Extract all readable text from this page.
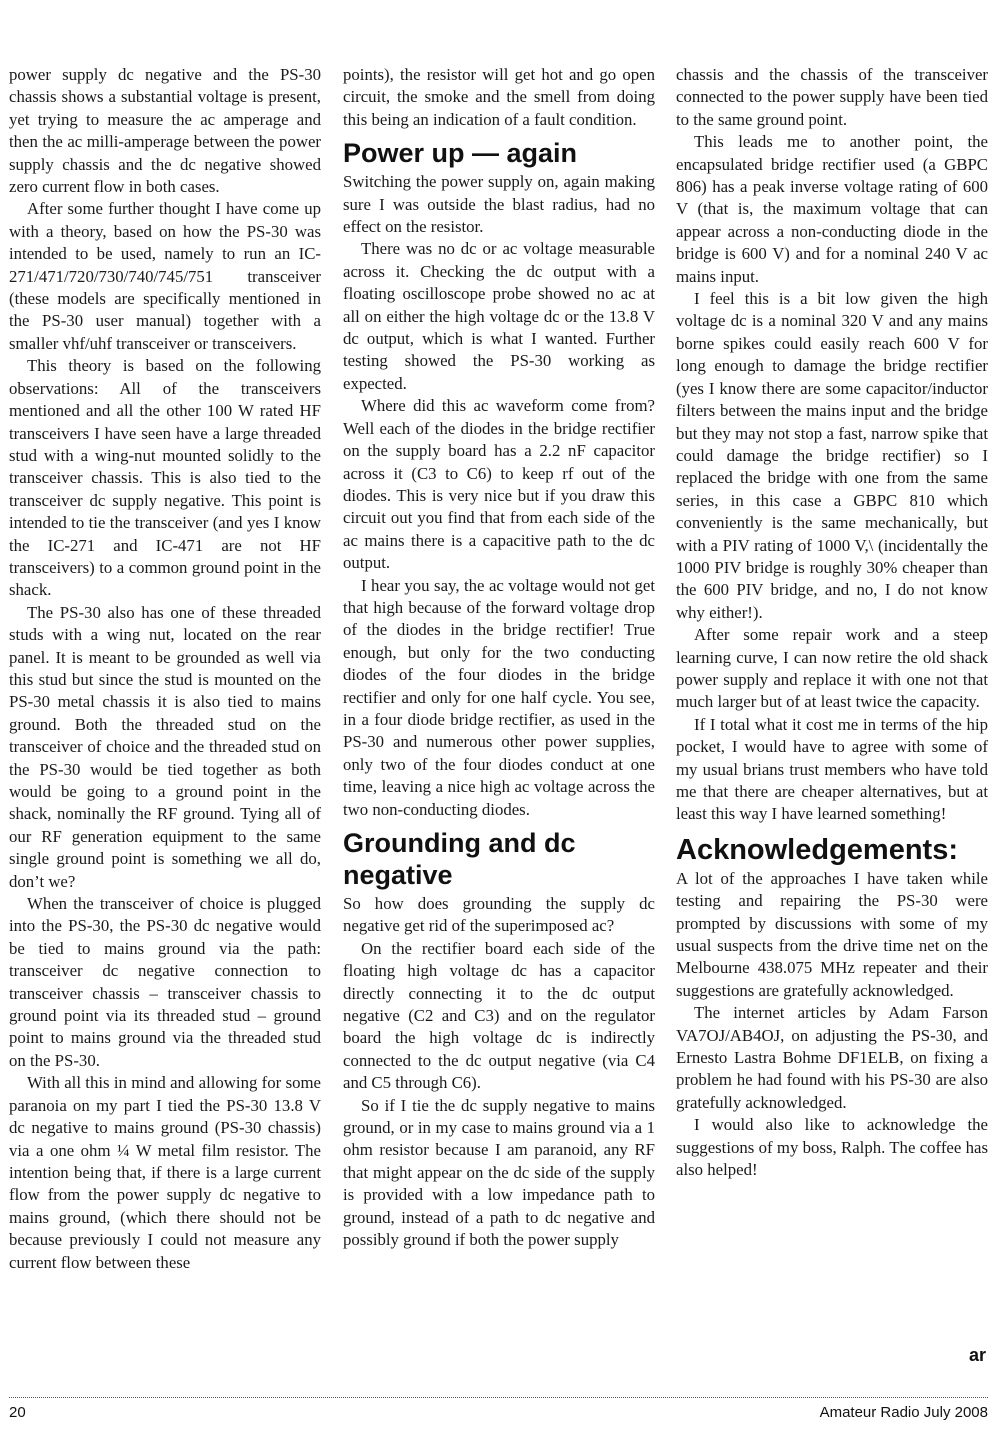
power supply dc negative and the PS-30 chassis shows a substantial voltage is present, yet trying to measure the ac amperage and then the ac milli-amperage between the power supply chassis and the dc negative showed zero current flow in both cases.

After some further thought I have come up with a theory, based on how the PS-30 was intended to be used, namely to run an IC-271/471/720/730/740/745/751 transceiver (these models are specifically mentioned in the PS-30 user manual) together with a smaller vhf/uhf transceiver or transceivers.

This theory is based on the following observations: All of the transceivers mentioned and all the other 100 W rated HF transceivers I have seen have a large threaded stud with a wing-nut mounted solidly to the transceiver chassis. This is also tied to the transceiver dc supply negative. This point is intended to tie the transceiver (and yes I know the IC-271 and IC-471 are not HF transceivers) to a common ground point in the shack.

The PS-30 also has one of these threaded studs with a wing nut, located on the rear panel. It is meant to be grounded as well via this stud but since the stud is mounted on the PS-30 metal chassis it is also tied to mains ground. Both the threaded stud on the transceiver of choice and the threaded stud on the PS-30 would be tied together as both would be going to a ground point in the shack, nominally the RF ground. Tying all of our RF generation equipment to the same single ground point is something we all do, don’t we?

When the transceiver of choice is plugged into the PS-30, the PS-30 dc negative would be tied to mains ground via the path: transceiver dc negative connection to transceiver chassis – transceiver chassis to ground point via its threaded stud – ground point to mains ground via the threaded stud on the PS-30.

With all this in mind and allowing for some paranoia on my part I tied the PS-30 13.8 V dc negative to mains ground (PS-30 chassis) via a one ohm ¼ W metal film resistor. The intention being that, if there is a large current flow from the power supply dc negative to mains ground, (which there should not be because previously I could not measure any current flow between these

points), the resistor will get hot and go open circuit, the smoke and the smell from doing this being an indication of a fault condition.

Power up — again

Switching the power supply on, again making sure I was outside the blast radius, had no effect on the resistor.

There was no dc or ac voltage measurable across it. Checking the dc output with a floating oscilloscope probe showed no ac at all on either the high voltage dc or the 13.8 V dc output, which is what I wanted. Further testing showed the PS-30 working as expected.

Where did this ac waveform come from? Well each of the diodes in the bridge rectifier on the supply board has a 2.2 nF capacitor across it (C3 to C6) to keep rf out of the diodes. This is very nice but if you draw this circuit out you find that from each side of the ac mains there is a capacitive path to the dc output.

I hear you say, the ac voltage would not get that high because of the forward voltage drop of the diodes in the bridge rectifier! True enough, but only for the two conducting diodes of the four diodes in the bridge rectifier and only for one half cycle. You see, in a four diode bridge rectifier, as used in the PS-30 and numerous other power supplies, only two of the four diodes conduct at one time, leaving a nice high ac voltage across the two non-conducting diodes.

Grounding and dc negative

So how does grounding the supply dc negative get rid of the superimposed ac?

On the rectifier board each side of the floating high voltage dc has a capacitor directly connecting it to the dc output negative (C2 and C3) and on the regulator board the high voltage dc is indirectly connected to the dc output negative (via C4 and C5 through C6).

So if I tie the dc supply negative to mains ground, or in my case to mains ground via a 1 ohm resistor because I am paranoid, any RF that might appear on the dc side of the supply is provided with a low impedance path to ground, instead of a path to dc negative and possibly ground if both the power supply

chassis and the chassis of the transceiver connected to the power supply have been tied to the same ground point.

This leads me to another point, the encapsulated bridge rectifier used (a GBPC 806) has a peak inverse voltage rating of 600 V (that is, the maximum voltage that can appear across a non-conducting diode in the bridge is 600 V) and for a nominal 240 V ac mains input.

I feel this is a bit low given the high voltage dc is a nominal 320 V and any mains borne spikes could easily reach 600 V for long enough to damage the bridge rectifier (yes I know there are some capacitor/inductor filters between the mains input and the bridge but they may not stop a fast, narrow spike that could damage the bridge rectifier) so I replaced the bridge with one from the same series, in this case a GBPC 810 which conveniently is the same mechanically, but with a PIV rating of 1000 V,\ (incidentally the 1000 PIV bridge is roughly 30% cheaper than the 600 PIV bridge, and no, I do not know why either!).

After some repair work and a steep learning curve, I can now retire the old shack power supply and replace it with one not that much larger but of at least twice the capacity.

If I total what it cost me in terms of the hip pocket, I would have to agree with some of my usual brians trust members who have told me that there are cheaper alternatives, but at least this way I have learned something!

Acknowledgements:

A lot of the approaches I have taken while testing and repairing the PS-30 were prompted by discussions with some of my usual suspects from the drive time net on the Melbourne 438.075 MHz repeater and their suggestions are gratefully acknowledged.

The internet articles by Adam Farson VA7OJ/AB4OJ, on adjusting the PS-30, and Ernesto Lastra Bohme DF1ELB, on fixing a problem he had found with his PS-30 are also gratefully acknowledged.

I would also like to acknowledge the suggestions of my boss, Ralph. The coffee has also helped!

ar
20	Amateur Radio July 2008
